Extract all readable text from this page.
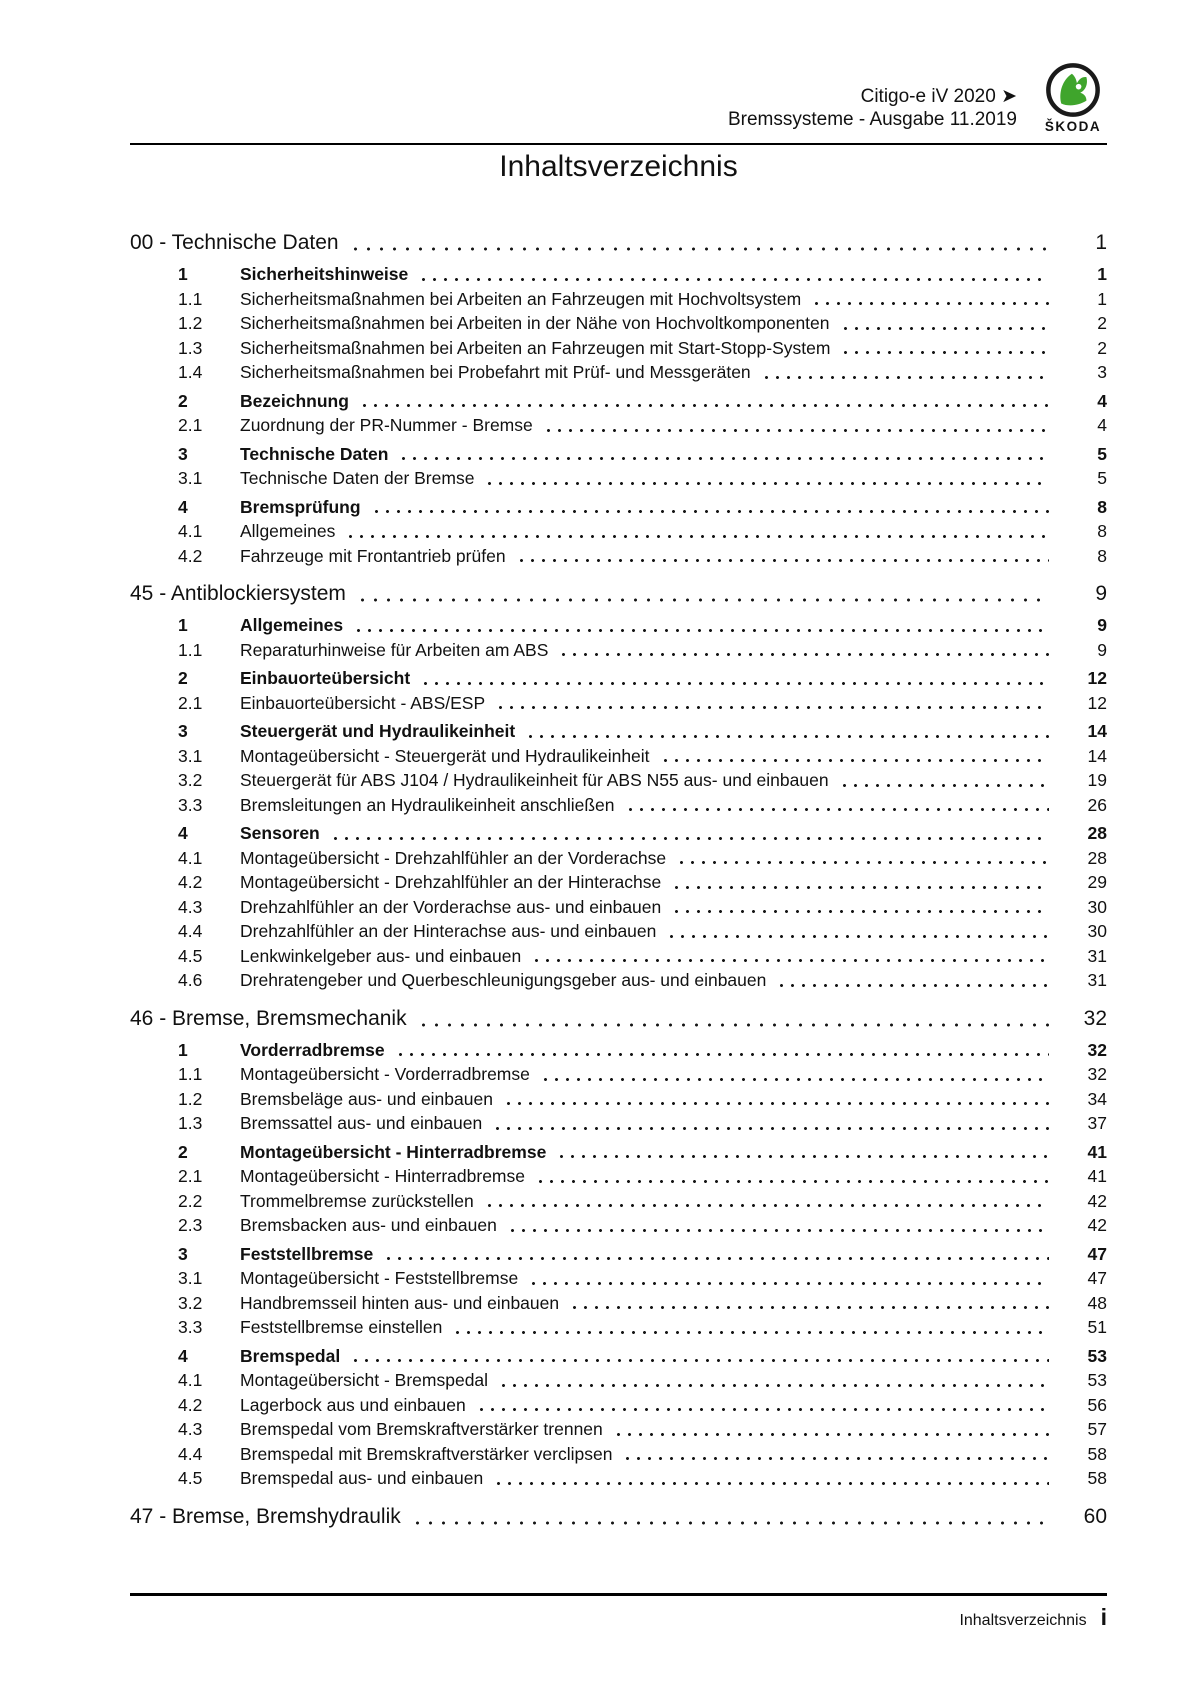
Citigo-e iV 2020 ➤
Bremssysteme - Ausgabe 11.2019	ŠKODA
Inhaltsverzeichnis
00 - Technische Daten	1
1	Sicherheitshinweise	1
1.1	Sicherheitsmaßnahmen bei Arbeiten an Fahrzeugen mit Hochvoltsystem	1
1.2	Sicherheitsmaßnahmen bei Arbeiten in der Nähe von Hochvoltkomponenten	2
1.3	Sicherheitsmaßnahmen bei Arbeiten an Fahrzeugen mit Start-Stopp-System	2
1.4	Sicherheitsmaßnahmen bei Probefahrt mit Prüf- und Messgeräten	3
2	Bezeichnung	4
2.1	Zuordnung der PR-Nummer - Bremse	4
3	Technische Daten	5
3.1	Technische Daten der Bremse	5
4	Bremsprüfung	8
4.1	Allgemeines	8
4.2	Fahrzeuge mit Frontantrieb prüfen	8
45 - Antiblockiersystem	9
1	Allgemeines	9
1.1	Reparaturhinweise für Arbeiten am ABS	9
2	Einbauorteübersicht	12
2.1	Einbauorteübersicht - ABS/ESP	12
3	Steuergerät und Hydraulikeinheit	14
3.1	Montageübersicht - Steuergerät und Hydraulikeinheit	14
3.2	Steuergerät für ABS J104 / Hydraulikeinheit für ABS N55 aus- und einbauen	19
3.3	Bremsleitungen an Hydraulikeinheit anschließen	26
4	Sensoren	28
4.1	Montageübersicht - Drehzahlfühler an der Vorderachse	28
4.2	Montageübersicht - Drehzahlfühler an der Hinterachse	29
4.3	Drehzahlfühler an der Vorderachse aus- und einbauen	30
4.4	Drehzahlfühler an der Hinterachse aus- und einbauen	30
4.5	Lenkwinkelgeber aus- und einbauen	31
4.6	Drehratengeber und Querbeschleunigungsgeber aus- und einbauen	31
46 - Bremse, Bremsmechanik	32
1	Vorderradbremse	32
1.1	Montageübersicht - Vorderradbremse	32
1.2	Bremsbeläge aus- und einbauen	34
1.3	Bremssattel aus- und einbauen	37
2	Montageübersicht - Hinterradbremse	41
2.1	Montageübersicht - Hinterradbremse	41
2.2	Trommelbremse zurückstellen	42
2.3	Bremsbacken aus- und einbauen	42
3	Feststellbremse	47
3.1	Montageübersicht - Feststellbremse	47
3.2	Handbremsseil hinten aus- und einbauen	48
3.3	Feststellbremse einstellen	51
4	Bremspedal	53
4.1	Montageübersicht - Bremspedal	53
4.2	Lagerbock aus und einbauen	56
4.3	Bremspedal vom Bremskraftverstärker trennen	57
4.4	Bremspedal mit Bremskraftverstärker verclipsen	58
4.5	Bremspedal aus- und einbauen	58
47 - Bremse, Bremshydraulik	60
Inhaltsverzeichnis i
